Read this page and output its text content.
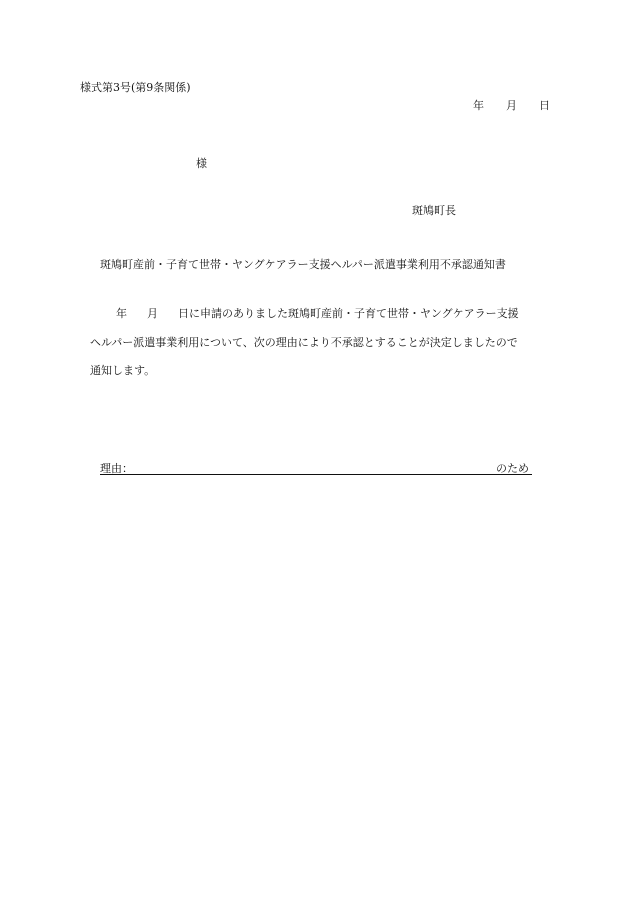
様式第3号(第9条関係)
年 月 日
様
斑鳩町長
斑鳩町産前・子育て世帯・ヤングケアラー支援ヘルパー派遣事業利用不承認通知書
年 月 日に申請のありました斑鳩町産前・子育て世帯・ヤングケアラー支援
ヘルパー派遣事業利用について、次の理由により不承認とすることが決定しましたので
通知します。
理由：	のため
